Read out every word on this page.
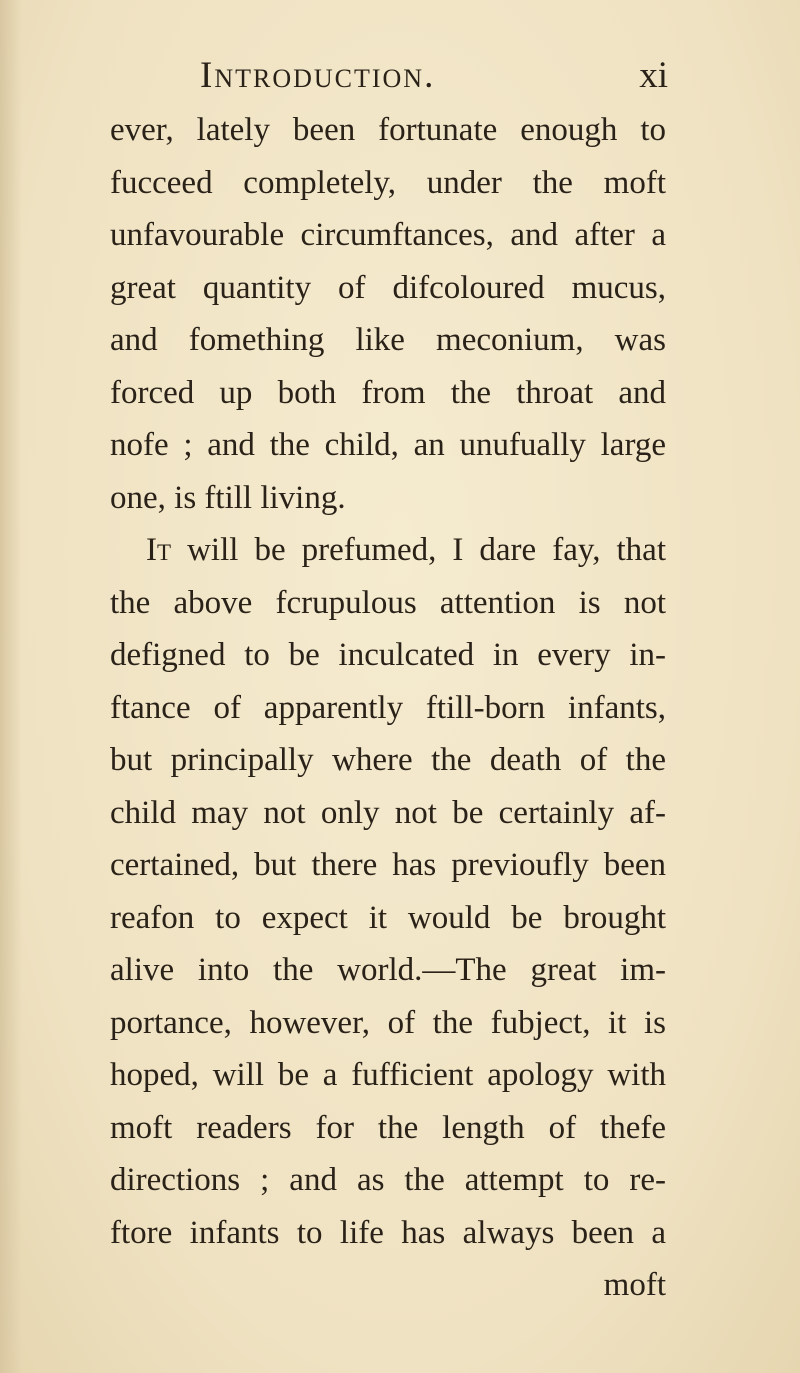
Introduction.	xi
ever, lately been fortunate enough to
fucceed completely, under the moft
unfavourable circumftances, and after a
great quantity of difcoloured mucus,
and fomething like meconium, was
forced up both from the throat and
nofe ; and the child, an unufually large
one, is ftill living.
It will be prefumed, I dare fay, that
the above fcrupulous attention is not
defigned to be inculcated in every in-
ftance of apparently ftill-born infants,
but principally where the death of the
child may not only not be certainly af-
certained, but there has previoufly been
reafon to expect it would be brought
alive into the world.—The great im-
portance, however, of the fubject, it is
hoped, will be a fufficient apology with
moft readers for the length of thefe
directions ; and as the attempt to re-
ftore infants to life has always been a
moft
